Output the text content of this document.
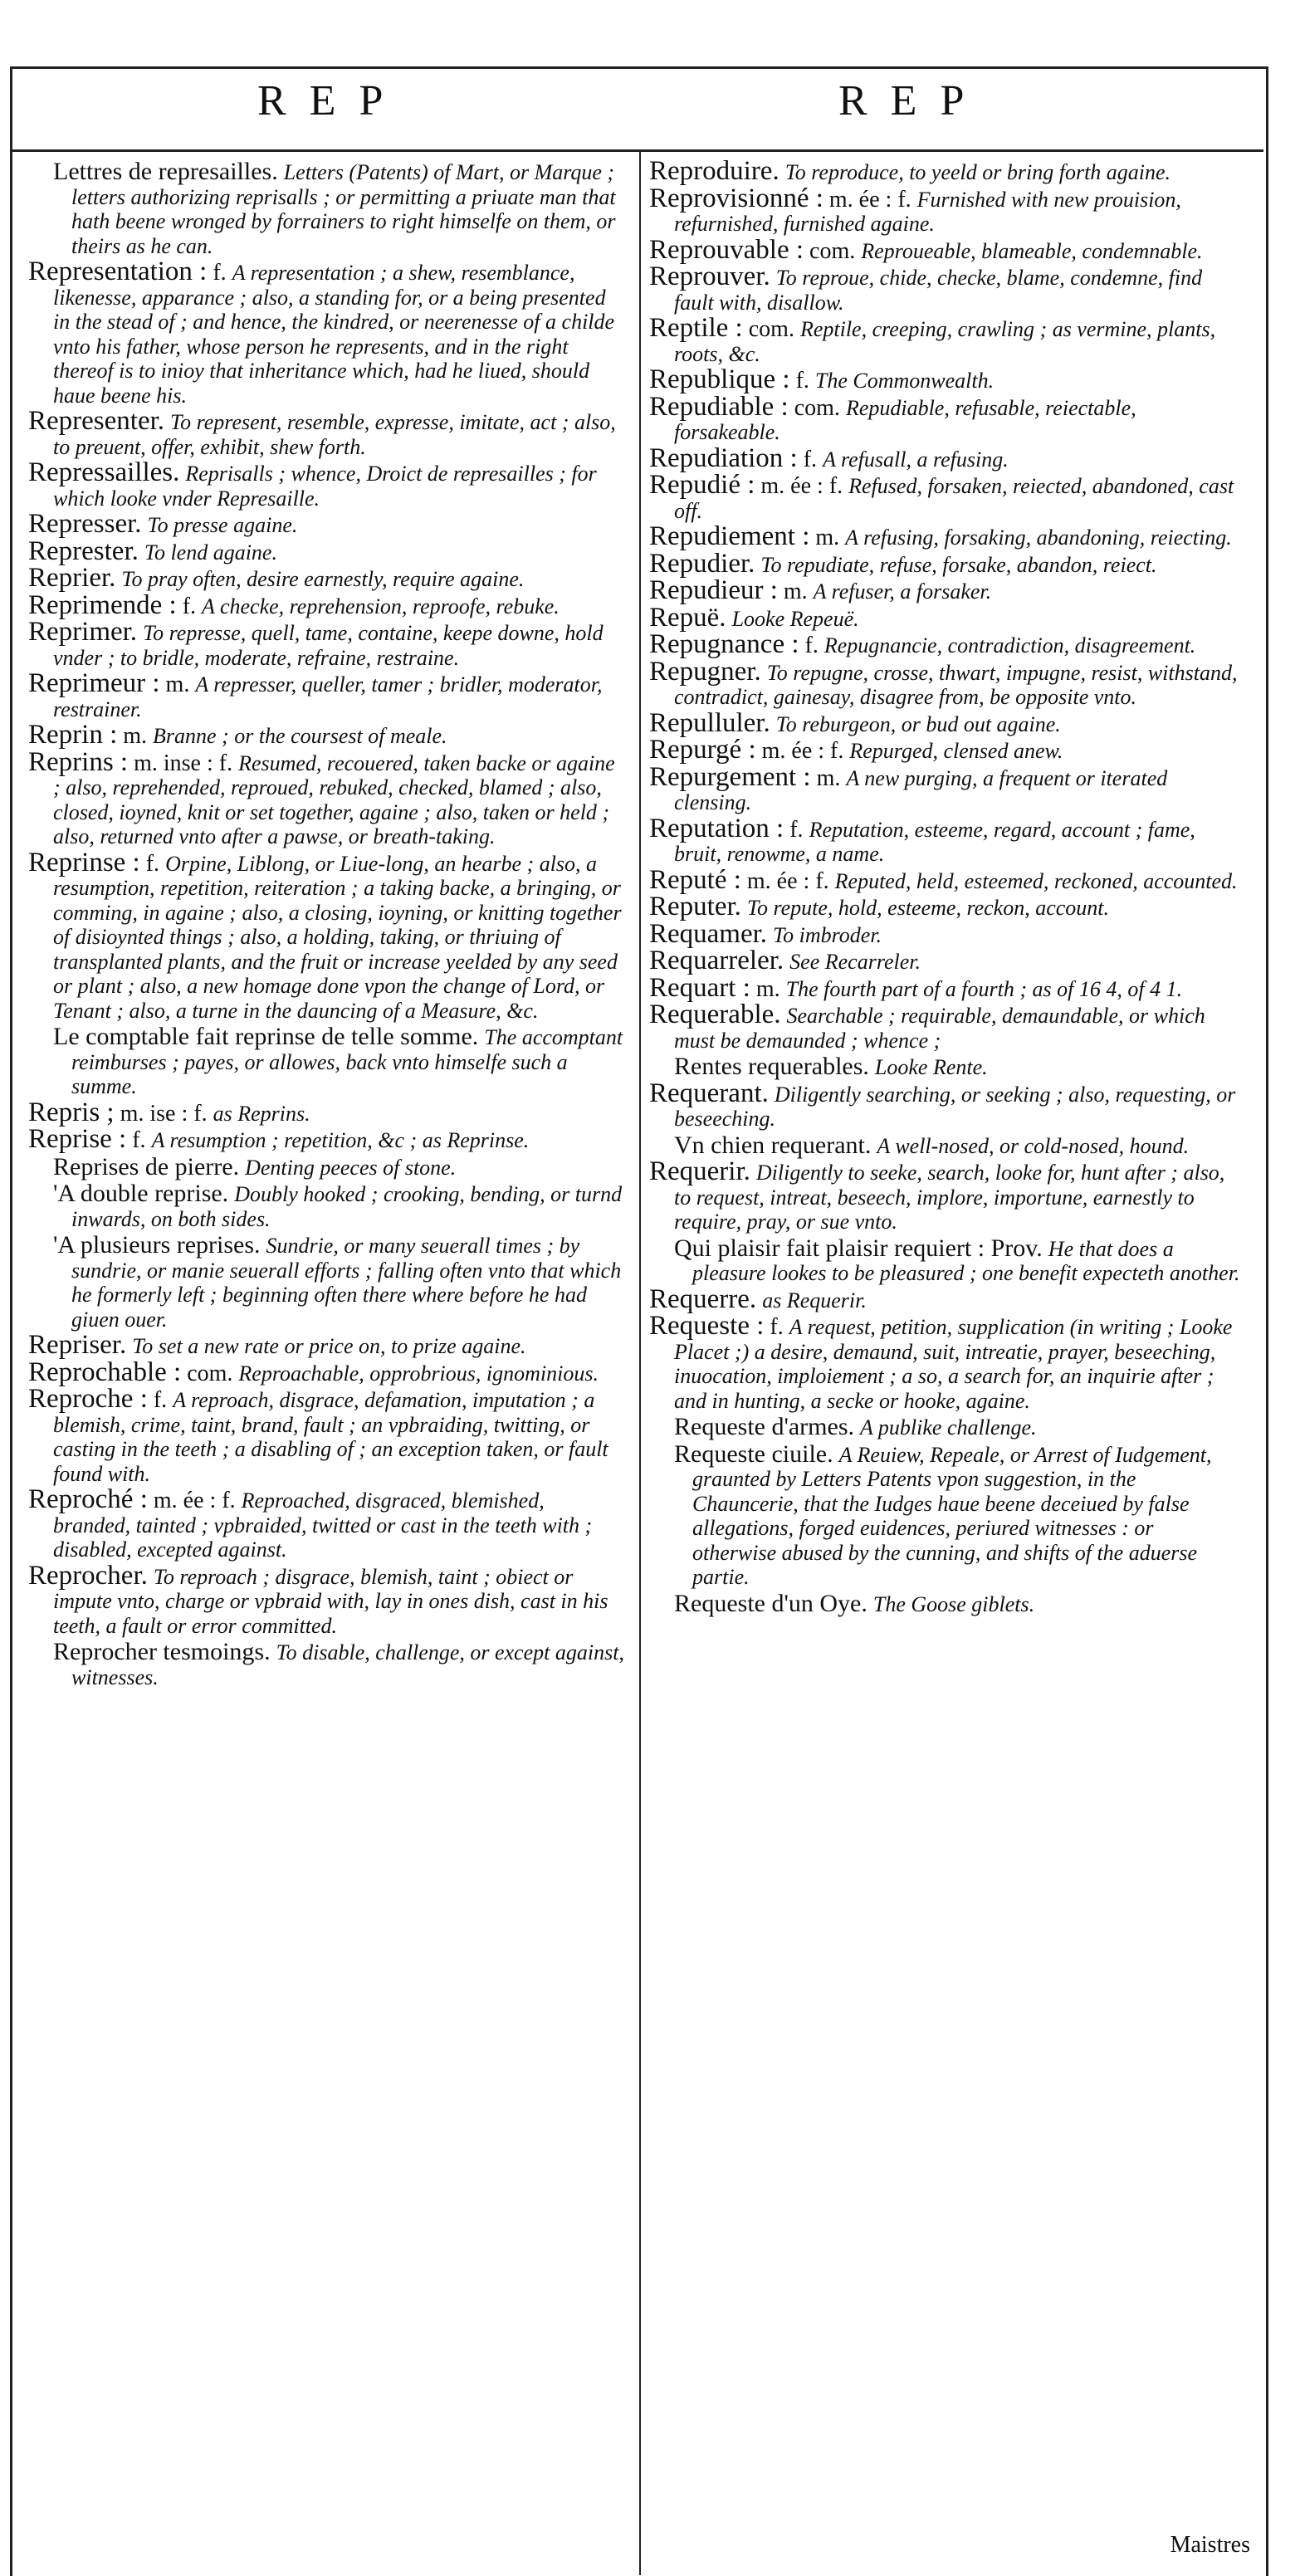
REP	REP

Lettres de represailles. Letters (Patents) of Mart, or Marque ; letters authorizing reprisalls ; or permitting a priuate man that hath beene wronged by forrainers to right himselfe on them, or theirs as he can.

Representation : f. A representation ; a shew, resemblance, likenesse, apparance ; also, a standing for, or a being presented in the stead of ; and hence, the kindred, or neerenesse of a childe vnto his father, whose person he represents, and in the right thereof is to inioy that inheritance which, had he liued, should haue beene his.

Representer. To represent, resemble, expresse, imitate, act ; also, to preuent, offer, exhibit, shew forth.

Repressailles. Reprisalls ; whence, Droict de represailles ; for which looke vnder Represaille.

Represser. To presse againe.

Represter. To lend againe.

Reprier. To pray often, desire earnestly, require againe.

Reprimende : f. A checke, reprehension, reproofe, rebuke.

Reprimer. To represse, quell, tame, containe, keepe downe, hold vnder ; to bridle, moderate, refraine, restraine.

Reprimeur : m. A represser, queller, tamer ; bridler, moderator, restrainer.

Reprin : m. Branne ; or the coursest of meale.

Reprins : m. inse : f. Resumed, recouered, taken backe or againe ; also, reprehended, reproued, rebuked, checked, blamed ; also, closed, ioyned, knit or set together, againe ; also, taken or held ; also, returned vnto after a pawse, or breath-taking.

Reprinse : f. Orpine, Liblong, or Liue-long, an hearbe ; also, a resumption, repetition, reiteration ; a taking backe, a bringing, or comming, in againe ; also, a closing, ioyning, or knitting together of disioynted things ; also, a holding, taking, or thriuing of transplanted plants, and the fruit or increase yeelded by any seed or plant ; also, a new homage done vpon the change of Lord, or Tenant ; also, a turne in the dauncing of a Measure, &c.

Le comptable fait reprinse de telle somme. The accomptant reimburses ; payes, or allowes, back vnto himselfe such a summe.

Repris ; m. ise : f. as Reprins.

Reprise : f. A resumption ; repetition, &c ; as Reprinse.

Reprises de pierre. Denting peeces of stone.

'A double reprise. Doubly hooked ; crooking, bending, or turnd inwards, on both sides.

'A plusieurs reprises. Sundrie, or many seuerall times ; by sundrie, or manie seuerall efforts ; falling often vnto that which he formerly left ; beginning often there where before he had giuen ouer.

Repriser. To set a new rate or price on, to prize againe.

Reprochable : com. Reproachable, opprobrious, ignominious.

Reproche : f. A reproach, disgrace, defamation, imputation ; a blemish, crime, taint, brand, fault ; an vpbraiding, twitting, or casting in the teeth ; a disabling of ; an exception taken, or fault found with.

Reproché : m. ée : f. Reproached, disgraced, blemished, branded, tainted ; vpbraided, twitted or cast in the teeth with ; disabled, excepted against.

Reprocher. To reproach ; disgrace, blemish, taint ; obiect or impute vnto, charge or vpbraid with, lay in ones dish, cast in his teeth, a fault or error committed.

Reprocher tesmoings. To disable, challenge, or except against, witnesses.

Reproduire. To reproduce, to yeeld or bring forth againe.

Reprovisionné : m. ée : f. Furnished with new prouision, refurnished, furnished againe.

Reprouvable : com. Reproueable, blameable, condemnable.

Reprouver. To reproue, chide, checke, blame, condemne, find fault with, disallow.

Reptile : com. Reptile, creeping, crawling ; as vermine, plants, roots, &c.

Republique : f. The Commonwealth.

Repudiable : com. Repudiable, refusable, reiectable, forsakeable.

Repudiation : f. A refusall, a refusing.

Repudié : m. ée : f. Refused, forsaken, reiected, abandoned, cast off.

Repudiement : m. A refusing, forsaking, abandoning, reiecting.

Repudier. To repudiate, refuse, forsake, abandon, reiect.

Repudieur : m. A refuser, a forsaker.

Repuë. Looke Repeuë.

Repugnance : f. Repugnancie, contradiction, disagreement.

Repugner. To repugne, crosse, thwart, impugne, resist, withstand, contradict, gainesay, disagree from, be opposite vnto.

Repulluler. To reburgeon, or bud out againe.

Repurgé : m. ée : f. Repurged, clensed anew.

Repurgement : m. A new purging, a frequent or iterated clensing.

Reputation : f. Reputation, esteeme, regard, account ; fame, bruit, renowme, a name.

Reputé : m. ée : f. Reputed, held, esteemed, reckoned, accounted.

Reputer. To repute, hold, esteeme, reckon, account.

Requamer. To imbroder.

Requarreler. See Recarreler.

Requart : m. The fourth part of a fourth ; as of 16 4, of 4 1.

Requerable. Searchable ; requirable, demaundable, or which must be demaunded ; whence ;

Rentes requerables. Looke Rente.

Requerant. Diligently searching, or seeking ; also, requesting, or beseeching.

Vn chien requerant. A well-nosed, or cold-nosed, hound.

Requerir. Diligently to seeke, search, looke for, hunt after ; also, to request, intreat, beseech, implore, importune, earnestly to require, pray, or sue vnto.

Qui plaisir fait plaisir requiert : Prov. He that does a pleasure lookes to be pleasured ; one benefit expecteth another.

Requerre. as Requerir.

Requeste : f. A request, petition, supplication (in writing ; Looke Placet ;) a desire, demaund, suit, intreatie, prayer, beseeching, inuocation, imploiement ; a so, a search for, an inquirie after ; and in hunting, a secke or hooke, againe.

Requeste d'armes. A publike challenge.

Requeste ciuile. A Reuiew, Repeale, or Arrest of Iudgement, graunted by Letters Patents vpon suggestion, in the Chauncerie, that the Iudges haue beene deceiued by false allegations, forged euidences, periured witnesses : or otherwise abused by the cunning, and shifts of the aduerse partie.

Requeste d'un Oye. The Goose giblets.

Maistres
